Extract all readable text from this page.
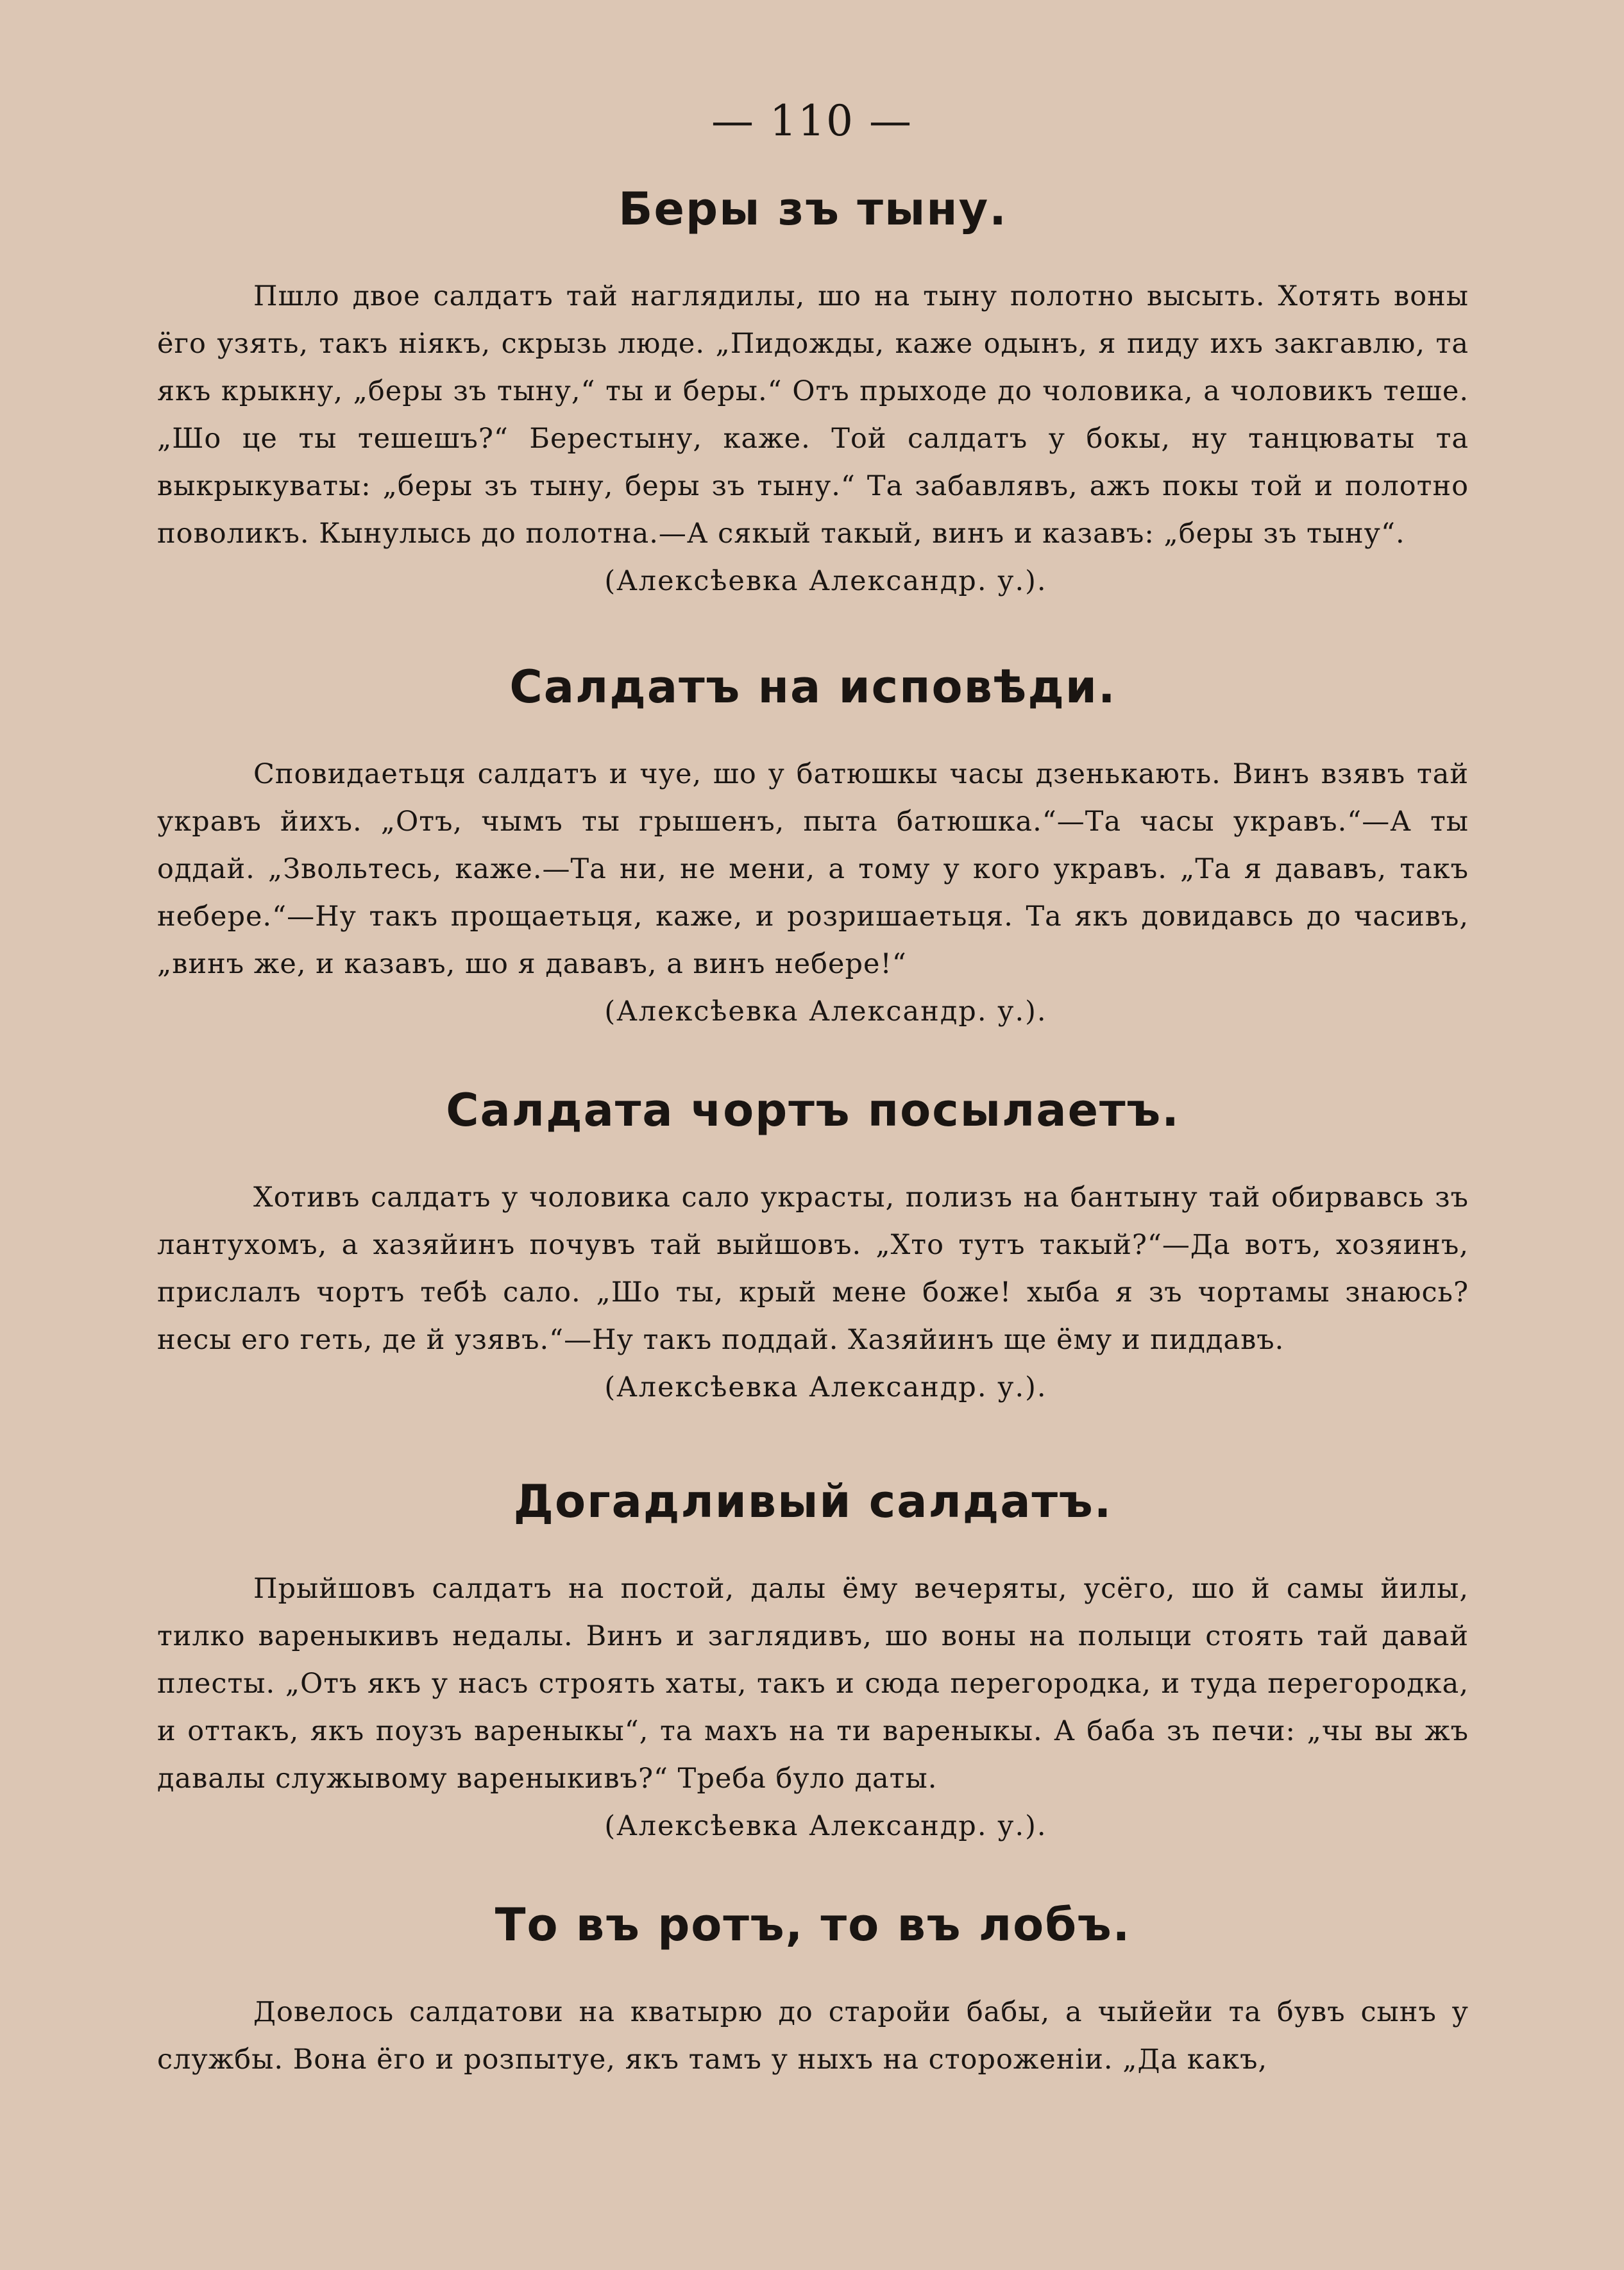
— 110 —
Беры зъ тыну.

Пшло двое салдатъ тай наглядилы, шо на тыну полотно высыть. Хотять воны ёго узять, такъ нiякъ, скрызь люде. „Пидожды, каже одынъ, я пиду ихъ закгавлю, та якъ крыкну, „беры зъ тыну,“ ты и беры.“ Отъ прыходе до чоловика, а чоловикъ теше. „Шо це ты тешешъ?“ Берестыну, каже. Той салдатъ у бокы, ну танцюваты та выкрыкуваты: „беры зъ тыну, беры зъ тыну.“ Та забавлявъ, ажъ покы той и полотно поволикъ. Кынулысь до полотна.—А сякый такый, винъ и казавъ: „беры зъ тыну“.

(Алексѣевка Александр. у.).

Салдатъ на исповѣди.

Сповидаетьця салдатъ и чуе, шо у батюшкы часы дзенькають. Винъ взявъ тай укравъ йихъ. „Отъ, чымъ ты грышенъ, пыта батюшка.“—Та часы укравъ.“—А ты оддай. „Звольтесь, каже.—Та ни, не мени, а тому у кого укравъ. „Та я дававъ, такъ небере.“—Ну такъ прощаетьця, каже, и розришаетьця. Та якъ довидавсь до часивъ, „винъ же, и казавъ, шо я дававъ, а винъ небере!“

(Алексѣевка Александр. у.).

Салдата чортъ посылаетъ.

Хотивъ салдатъ у чоловика сало украсты, полизъ на бантыну тай обирвавсь зъ лантухомъ, а хазяйинъ почувъ тай выйшовъ. „Хто тутъ такый?“—Да вотъ, хозяинъ, прислалъ чортъ тебѣ сало. „Шо ты, крый мене боже! хыба я зъ чортамы знаюсь? несы его геть, де й узявъ.“—Ну такъ поддай. Хазяйинъ ще ёму и пиддавъ.

(Алексѣевка Александр. у.).

Догадливый салдатъ.

Прыйшовъ салдатъ на постой, далы ёму вечеряты, усёго, шо й самы йилы, тилко вареныкивъ недалы. Винъ и заглядивъ, шо воны на полыци стоять тай давай плесты. „Отъ якъ у насъ строять хаты, такъ и сюда перегородка, и туда перегородка, и оттакъ, якъ поузъ вареныкы“, та махъ на ти вареныкы. А баба зъ печи: „чы вы жъ давалы служывому вареныкивъ?“ Треба було даты.

(Алексѣевка Александр. у.).

То въ ротъ, то въ лобъ.

Довелось салдатови на кватырю до старойи бабы, а чыйейи та бувъ сынъ у службы. Вона ёго и розпытуе, якъ тамъ у ныхъ на стороженiи. „Да какъ,
